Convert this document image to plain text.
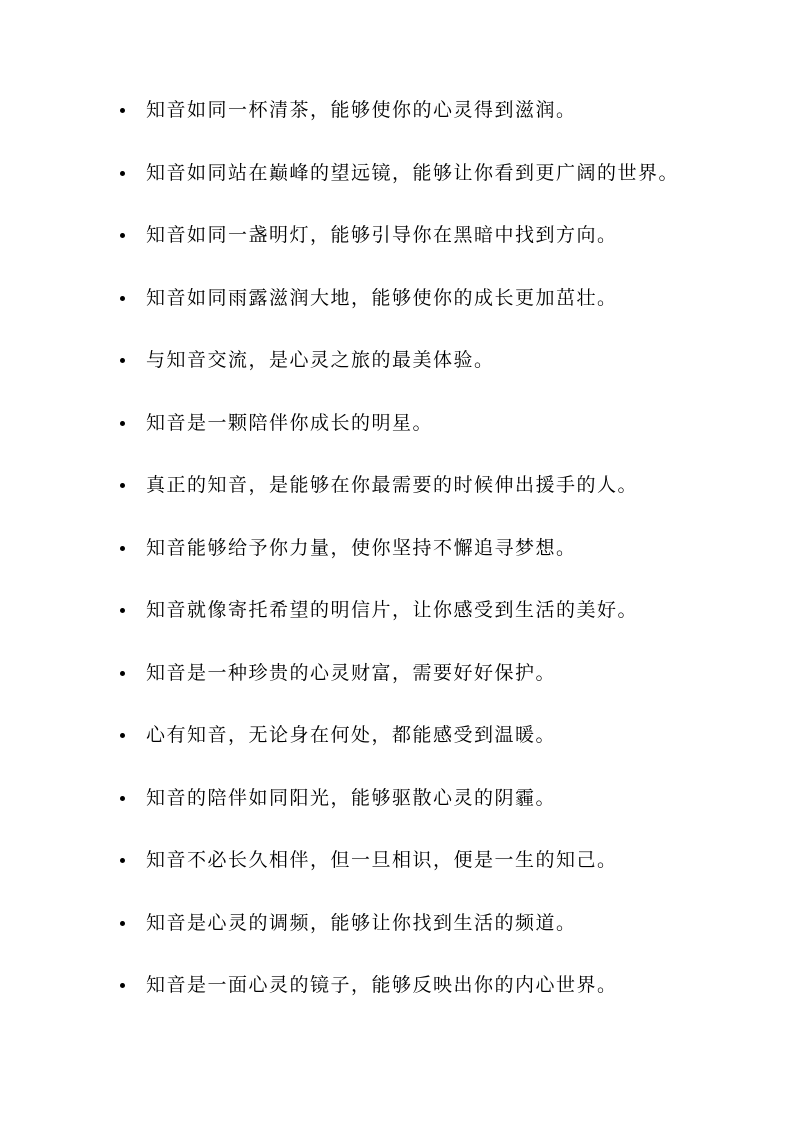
知音如同一杯清茶，能够使你的心灵得到滋润。
知音如同站在巅峰的望远镜，能够让你看到更广阔的世界。
知音如同一盏明灯，能够引导你在黑暗中找到方向。
知音如同雨露滋润大地，能够使你的成长更加茁壮。
与知音交流，是心灵之旅的最美体验。
知音是一颗陪伴你成长的明星。
真正的知音，是能够在你最需要的时候伸出援手的人。
知音能够给予你力量，使你坚持不懈追寻梦想。
知音就像寄托希望的明信片，让你感受到生活的美好。
知音是一种珍贵的心灵财富，需要好好保护。
心有知音，无论身在何处，都能感受到温暖。
知音的陪伴如同阳光，能够驱散心灵的阴霾。
知音不必长久相伴，但一旦相识，便是一生的知己。
知音是心灵的调频，能够让你找到生活的频道。
知音是一面心灵的镜子，能够反映出你的内心世界。
